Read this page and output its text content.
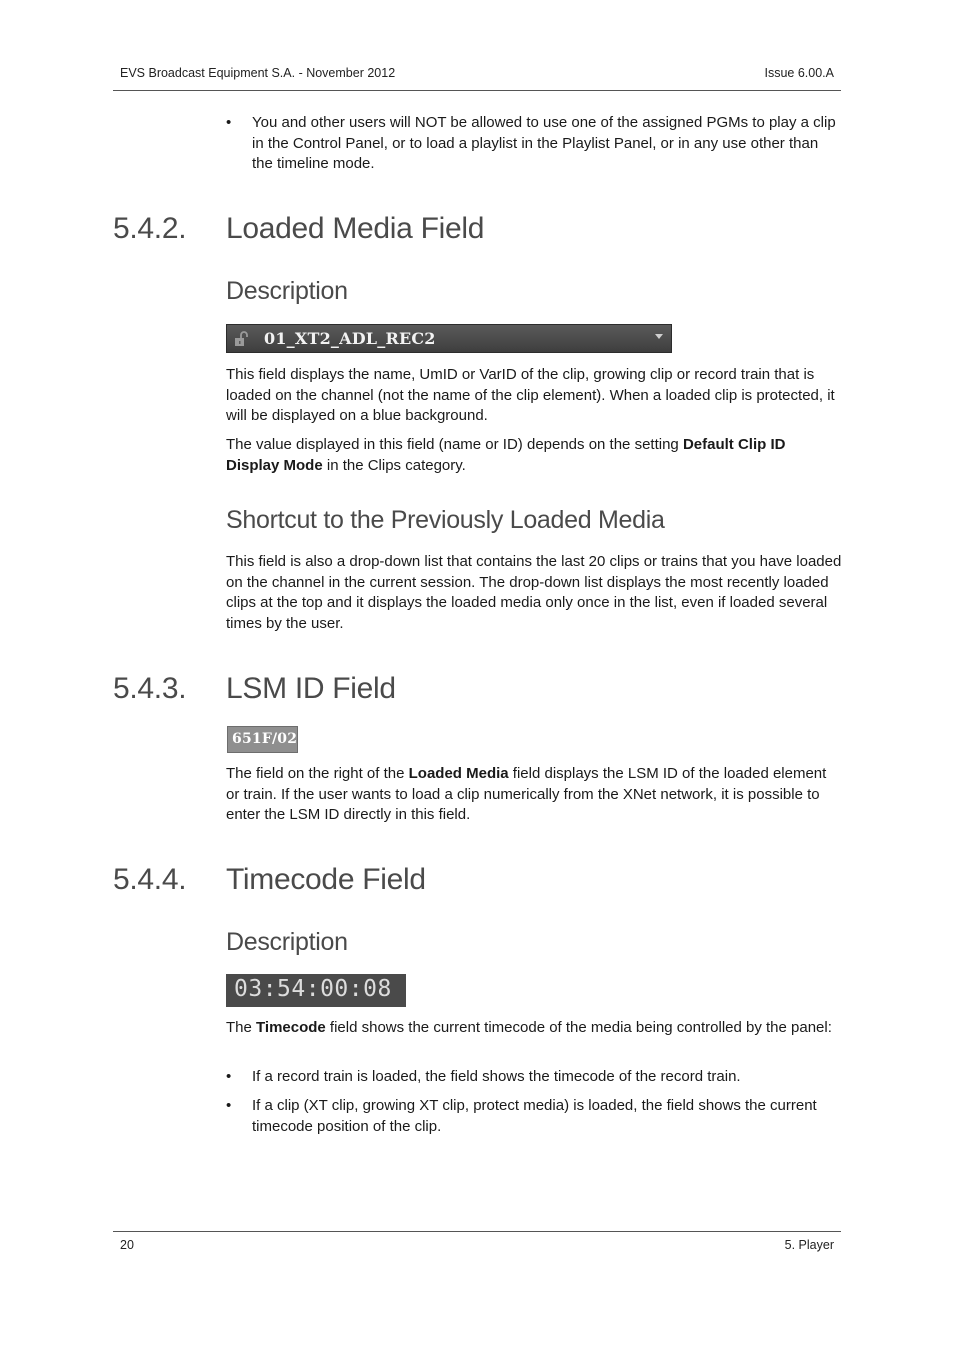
EVS Broadcast Equipment S.A. - November 2012	Issue 6.00.A
• You and other users will NOT be allowed to use one of the assigned PGMs to play a clip in the Control Panel, or to load a playlist in the Playlist Panel, or in any use other than the timeline mode.
5.4.2. Loaded Media Field
Description
01_XT2_ADL_REC2
This field displays the name, UmID or VarID of the clip, growing clip or record train that is loaded on the channel (not the name of the clip element). When a loaded clip is protected, it will be displayed on a blue background.
The value displayed in this field (name or ID) depends on the setting Default Clip ID Display Mode in the Clips category.
Shortcut to the Previously Loaded Media
This field is also a drop-down list that contains the last 20 clips or trains that you have loaded on the channel in the current session. The drop-down list displays the most recently loaded clips at the top and it displays the loaded media only once in the list, even if loaded several times by the user.
5.4.3. LSM ID Field
651F/02
The field on the right of the Loaded Media field displays the LSM ID of the loaded element or train. If the user wants to load a clip numerically from the XNet network, it is possible to enter the LSM ID directly in this field.
5.4.4. Timecode Field
Description
03:54:00:08
The Timecode field shows the current timecode of the media being controlled by the panel:
• If a record train is loaded, the field shows the timecode of the record train.
• If a clip (XT clip, growing XT clip, protect media) is loaded, the field shows the current timecode position of the clip.
20	5. Player
